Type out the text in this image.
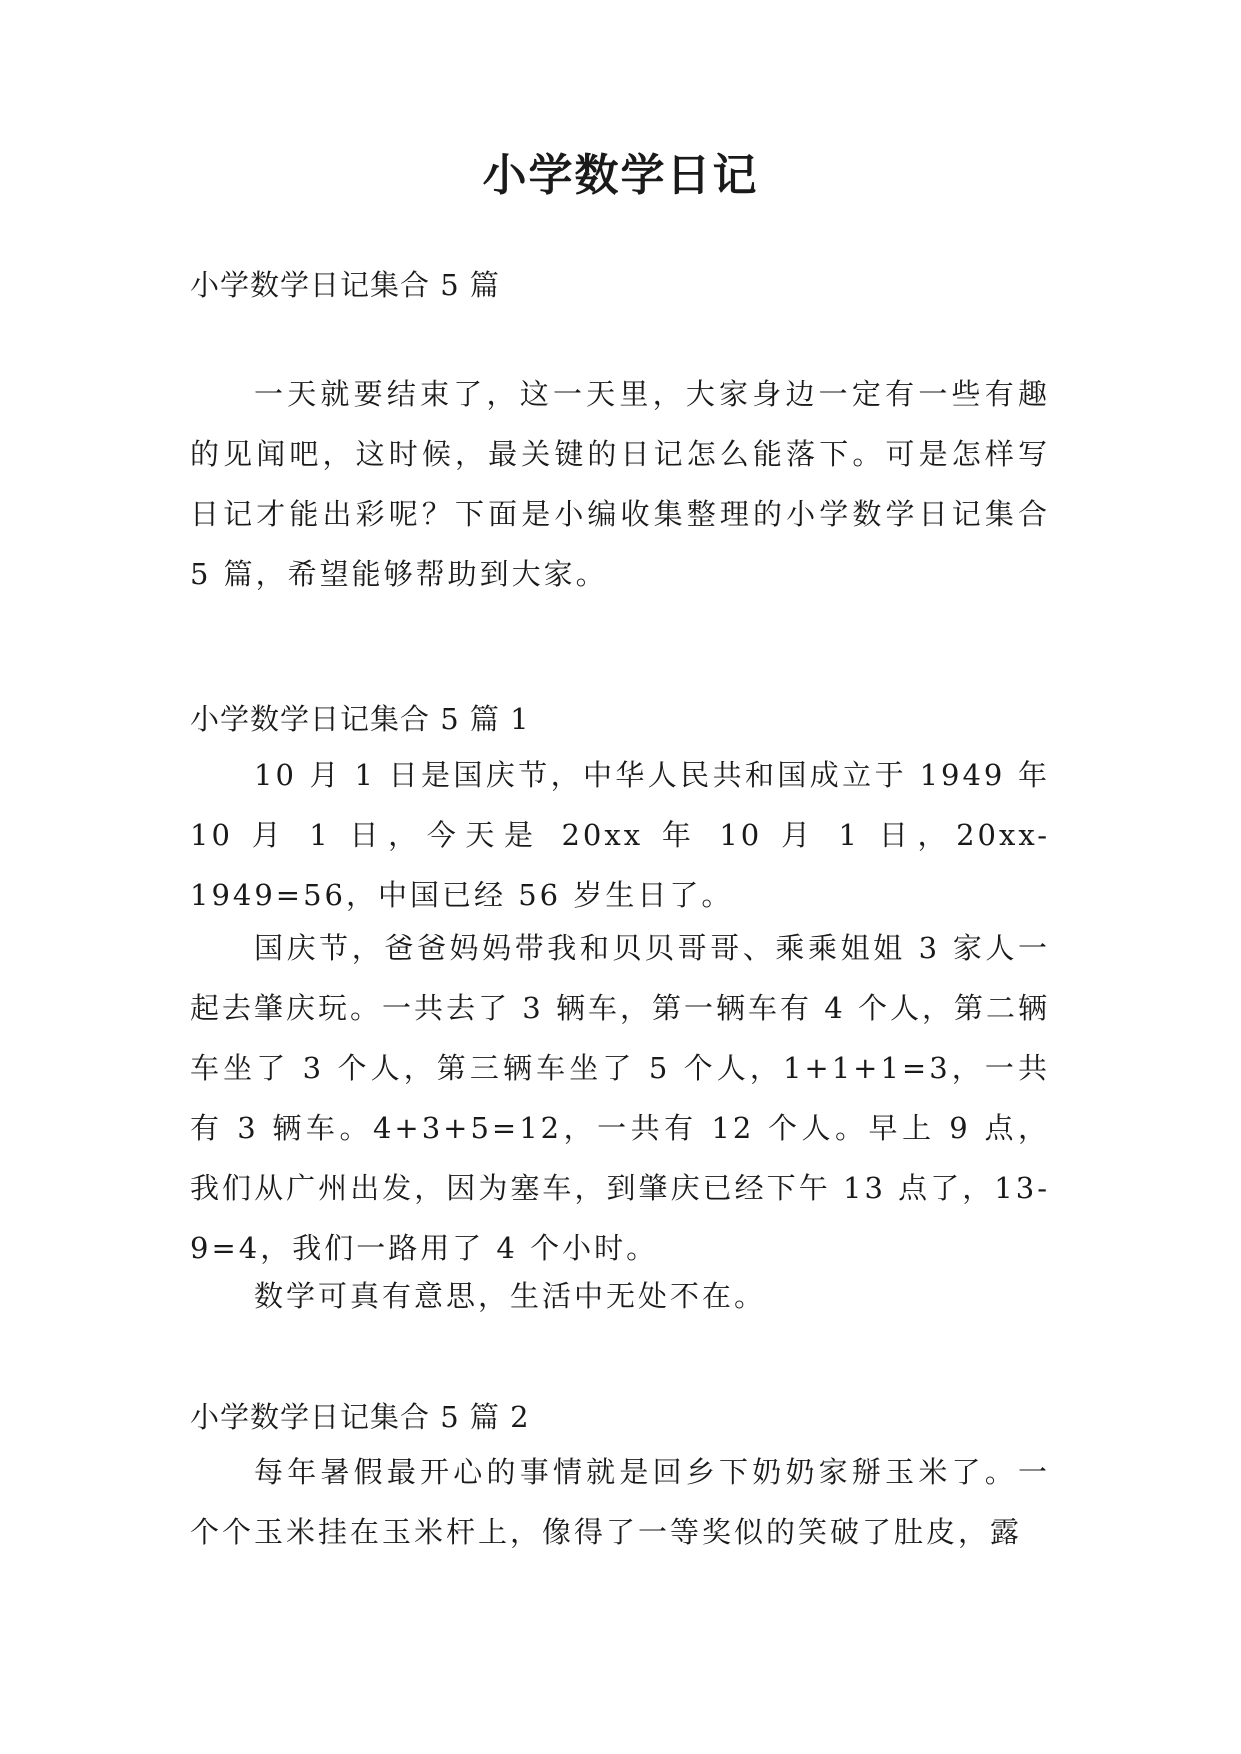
小学数学日记
小学数学日记集合 5 篇

一天就要结束了，这一天里，大家身边一定有一些有趣的见闻吧，这时候，最关键的日记怎么能落下。可是怎样写日记才能出彩呢？下面是小编收集整理的小学数学日记集合 5 篇，希望能够帮助到大家。

小学数学日记集合 5 篇 1

10 月 1 日是国庆节，中华人民共和国成立于 1949 年 10 月 1 日，今天是 20xx 年 10 月 1 日，20xx-1949=56，中国已经 56 岁生日了。

国庆节，爸爸妈妈带我和贝贝哥哥、乘乘姐姐 3 家人一起去肇庆玩。一共去了 3 辆车，第一辆车有 4 个人，第二辆车坐了 3 个人，第三辆车坐了 5 个人，1+1+1=3，一共有 3 辆车。4+3+5=12，一共有 12 个人。早上 9 点，我们从广州出发，因为塞车，到肇庆已经下午 13 点了，13-9=4，我们一路用了 4 个小时。

数学可真有意思，生活中无处不在。

小学数学日记集合 5 篇 2

每年暑假最开心的事情就是回乡下奶奶家掰玉米了。一个个玉米挂在玉米杆上，像得了一等奖似的笑破了肚皮，露
